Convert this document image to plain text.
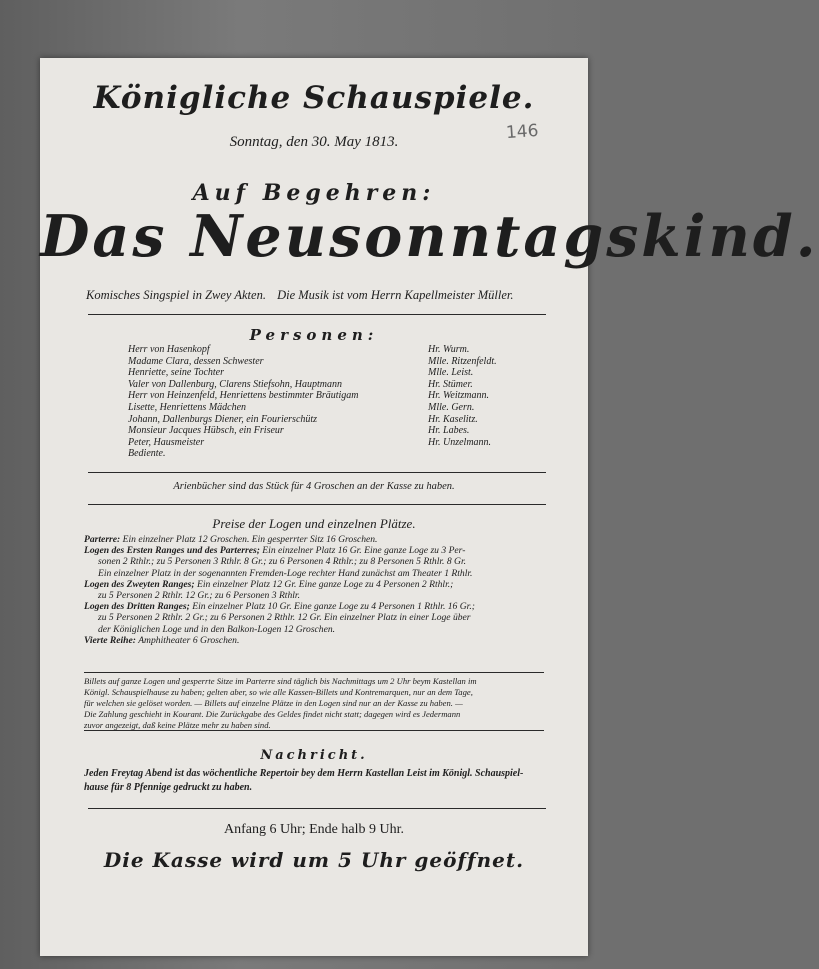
Königliche Schauspiele.

Sonntag, den 30. May 1813.	146

Auf Begehren:

Das Neusonntagskind.

Komisches Singspiel in Zwey Akten. Die Musik ist vom Herrn Kapellmeister Müller.

Personen:

Herr von Hasenkopf	Hr. Wurm.
Madame Clara, dessen Schwester	Mlle. Ritzenfeldt.
Henriette, seine Tochter	Mlle. Leist.
Valer von Dallenburg, Clarens Stiefsohn, Hauptmann	Hr. Stümer.
Herr von Heinzenfeld, Henriettens bestimmter Bräutigam	Hr. Weitzmann.
Lisette, Henriettens Mädchen	Mlle. Gern.
Johann, Dallenburgs Diener, ein Fourierschütz	Hr. Kaselitz.
Monsieur Jacques Hübsch, ein Friseur	Hr. Labes.
Peter, Hausmeister	Hr. Unzelmann.
Bediente.

Arienbücher sind das Stück für 4 Groschen an der Kasse zu haben.

Preise der Logen und einzelnen Plätze.

Parterre: Ein einzelner Platz 12 Groschen. Ein gesperrter Sitz 16 Groschen.
Logen des Ersten Ranges und des Parterres; Ein einzelner Platz 16 Gr. Eine ganze Loge zu 3 Per-
sonen 2 Rthlr.; zu 5 Personen 3 Rthlr. 8 Gr.; zu 6 Personen 4 Rthlr.; zu 8 Personen 5 Rthlr. 8 Gr.
Ein einzelner Platz in der sogenannten Fremden-Loge rechter Hand zunächst am Theater 1 Rthlr.
Logen des Zweyten Ranges; Ein einzelner Platz 12 Gr. Eine ganze Loge zu 4 Personen 2 Rthlr.;
zu 5 Personen 2 Rthlr. 12 Gr.; zu 6 Personen 3 Rthlr.
Logen des Dritten Ranges; Ein einzelner Platz 10 Gr. Eine ganze Loge zu 4 Personen 1 Rthlr. 16 Gr.;
zu 5 Personen 2 Rthlr. 2 Gr.; zu 6 Personen 2 Rthlr. 12 Gr. Ein einzelner Platz in einer Loge über
der Königlichen Loge und in den Balkon-Logen 12 Groschen.
Vierte Reihe: Amphitheater 6 Groschen.

Billets auf ganze Logen und gesperrte Sitze im Parterre sind täglich bis Nachmittags um 2 Uhr beym Kastellan im

Königl. Schauspielhause zu haben; gelten aber, so wie alle Kassen-Billets und Kontremarquen, nur an dem Tage,

für welchen sie gelöset worden. — Billets auf einzelne Plätze in den Logen sind nur an der Kasse zu haben. —

Die Zahlung geschieht in Kourant. Die Zurückgabe des Geldes findet nicht statt; dagegen wird es Jedermann

zuvor angezeigt, daß keine Plätze mehr zu haben sind.

Nachricht.

Jeden Freytag Abend ist das wöchentliche Repertoir bey dem Herrn Kastellan Leist im Königl. Schauspiel-

hause für 8 Pfennige gedruckt zu haben.

Anfang 6 Uhr; Ende halb 9 Uhr.

Die Kasse wird um 5 Uhr geöffnet.
